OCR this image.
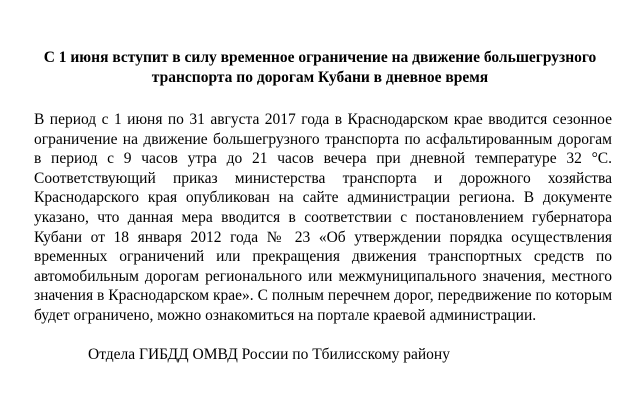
С 1 июня вступит в силу временное ограничение на движение большегрузного транспорта по дорогам Кубани в дневное время

В период с 1 июня по 31 августа 2017 года в Краснодарском крае вводится сезонное ограничение на движение большегрузного транспорта по асфальтированным дорогам в период с 9 часов утра до 21 часов вечера при дневной температуре 32 °С. Соответствующий приказ министерства транспорта и дорожного хозяйства Краснодарского края опубликован на сайте администрации региона. В документе указано, что данная мера вводится в соответствии с постановлением губернатора Кубани от 18 января 2012 года № 23 «Об утверждении порядка осуществления временных ограничений или прекращения движения транспортных средств по автомобильным дорогам регионального или межмуниципального значения, местного значения в Краснодарском крае». С полным перечнем дорог, передвижение по которым будет ограничено, можно ознакомиться на портале краевой администрации.

Отдела ГИБДД ОМВД России по Тбилисскому району
